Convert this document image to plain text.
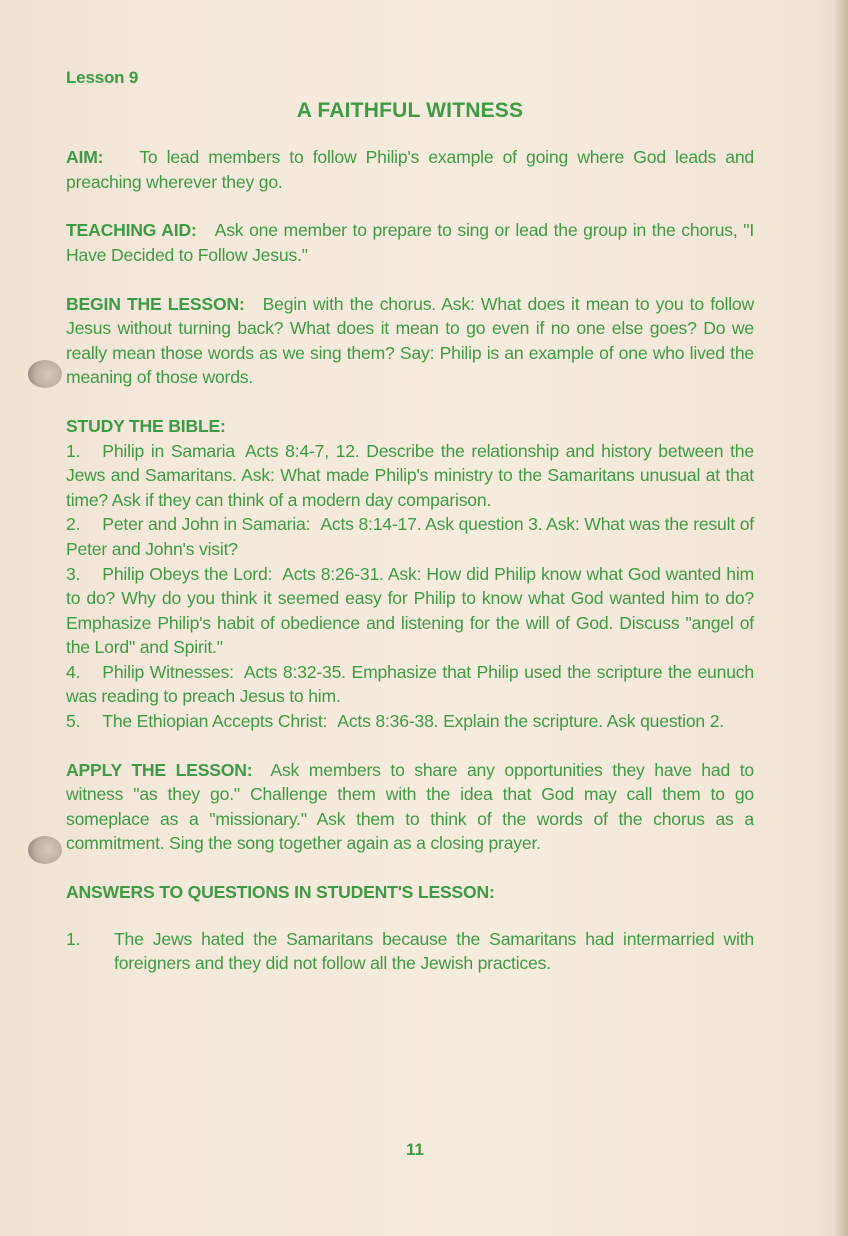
Lesson 9

A FAITHFUL WITNESS

AIM: To lead members to follow Philip's example of going where God leads and preaching wherever they go.

TEACHING AID: Ask one member to prepare to sing or lead the group in the chorus, "I Have Decided to Follow Jesus."

BEGIN THE LESSON: Begin with the chorus. Ask: What does it mean to you to follow Jesus without turning back? What does it mean to go even if no one else goes? Do we really mean those words as we sing them? Say: Philip is an example of one who lived the meaning of those words.

STUDY THE BIBLE:

1. Philip in Samaria Acts 8:4-7, 12. Describe the relationship and history between the Jews and Samaritans. Ask: What made Philip's ministry to the Samaritans unusual at that time? Ask if they can think of a modern day comparison.
2. Peter and John in Samaria: Acts 8:14-17. Ask question 3. Ask: What was the result of Peter and John's visit?
3. Philip Obeys the Lord: Acts 8:26-31. Ask: How did Philip know what God wanted him to do? Why do you think it seemed easy for Philip to know what God wanted him to do? Emphasize Philip's habit of obedience and listening for the will of God. Discuss "angel of the Lord" and Spirit."
4. Philip Witnesses: Acts 8:32-35. Emphasize that Philip used the scripture the eunuch was reading to preach Jesus to him.
5. The Ethiopian Accepts Christ: Acts 8:36-38. Explain the scripture. Ask question 2.

APPLY THE LESSON: Ask members to share any opportunities they have had to witness "as they go." Challenge them with the idea that God may call them to go someplace as a "missionary." Ask them to think of the words of the chorus as a commitment. Sing the song together again as a closing prayer.

ANSWERS TO QUESTIONS IN STUDENT'S LESSON:

1.	The Jews hated the Samaritans because the Samaritans had intermarried with foreigners and they did not follow all the Jewish practices.
11
